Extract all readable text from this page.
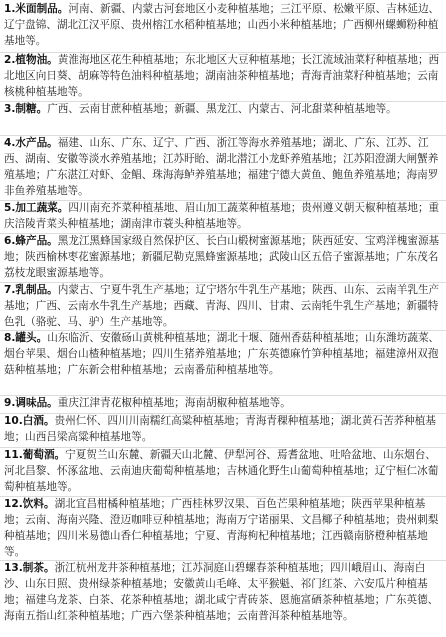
1.米面制品。河南、新疆、内蒙古河套地区小麦种植基地；三江平原、松嫩平原、吉林延边、辽宁盘锦、湖北江汉平原、贵州榕江水稻种植基地；山西小米种植基地；广西柳州螺蛳粉种植基地等。
2.植物油。黄淮海地区花生种植基地；东北地区大豆种植基地；长江流域油菜籽种植基地；西北地区向日葵、胡麻等特色油料种植基地；湖南油茶种植基地；青海青油菜籽种植基地；云南核桃种植基地等。
3.制糖。广西、云南甘蔗种植基地；新疆、黑龙江、内蒙古、河北甜菜种植基地等。
4.水产品。福建、山东、广东、辽宁、广西、浙江等海水养殖基地；湖北、广东、江苏、江西、湖南、安徽等淡水养殖基地；江苏盱眙、湖北潜江小龙虾养殖基地；江苏阳澄湖大闸蟹养殖基地；广东湛江对虾、金鲳、珠海海鲈养殖基地；福建宁德大黄鱼、鲍鱼养殖基地；海南罗非鱼养殖基地等。
5.加工蔬菜。四川南充芥菜种植基地、眉山加工蔬菜种植基地；贵州遵义朝天椒种植基地；重庆涪陵青菜头种植基地；湖南津市蓑头种植基地等。
6.蜂产品。黑龙江黑蜂国家级自然保护区、长白山椴树蜜源基地；陕西延安、宝鸡洋槐蜜源基地；陕西榆林枣花蜜源基地；新疆尼勒克黑蜂蜜源基地；武陵山区五倍子蜜源基地；广东茂名荔枝龙眼蜜源基地等。
7.乳制品。内蒙古、宁夏牛乳生产基地；辽宁塔尔牛乳生产基地；陕西、山东、云南羊乳生产基地；广西、云南水牛乳生产基地；西藏、青海、四川、甘肃、云南牦牛乳生产基地；新疆特色乳（骆驼、马、驴）生产基地等。
8.罐头。山东临沂、安徽砀山黄桃种植基地；湖北十堰、随州香菇种植基地；山东潍坊蔬菜、烟台苹果、烟台山楂种植基地；四川生猪养殖基地；广东英德麻竹笋种植基地；福建漳州双孢菇种植基地；广东新会柑种植基地；云南番茄种植基地等。
9.调味品。重庆江津青花椒种植基地；海南胡椒种植基地等。
10.白酒。贵州仁怀、四川川南糯红高粱种植基地；青海青稞种植基地；湖北黄石苦荞种植基地；山西吕梁高粱种植基地等。
11.葡萄酒。宁夏贺兰山东麓、新疆天山北麓、伊犁河谷、焉耆盆地、吐哈盆地、山东烟台、河北昌黎、怀涿盆地、云南迪庆葡萄种植基地；吉林通化野生山葡萄种植基地；辽宁桓仁冰葡萄种植基地等。
12.饮料。湖北宜昌柑橘种植基地；广西桂林罗汉果、百色芒果种植基地；陕西苹果种植基地；云南、海南兴隆、澄迈咖啡豆种植基地；海南万宁诺丽果、文昌椰子种植基地；贵州刺梨种植基地；四川米易德山香仁种植基地；宁夏、青海枸杞种植基地；江西赣南脐橙种植基地等。
13.制茶。浙江杭州龙井茶种植基地；江苏洞庭山碧螺春茶种植基地；四川峨眉山、海南白沙、山东日照、贵州绿茶种植基地；安徽黄山毛峰、太平猴魁、祁门红茶、六安瓜片种植基地；福建乌龙茶、白茶、花茶种植基地；湖北咸宁青砖茶、恩施富硒茶种植基地；广东英德、海南五指山红茶种植基地；广西六堡茶种植基地；云南普洱茶种植基地等。
